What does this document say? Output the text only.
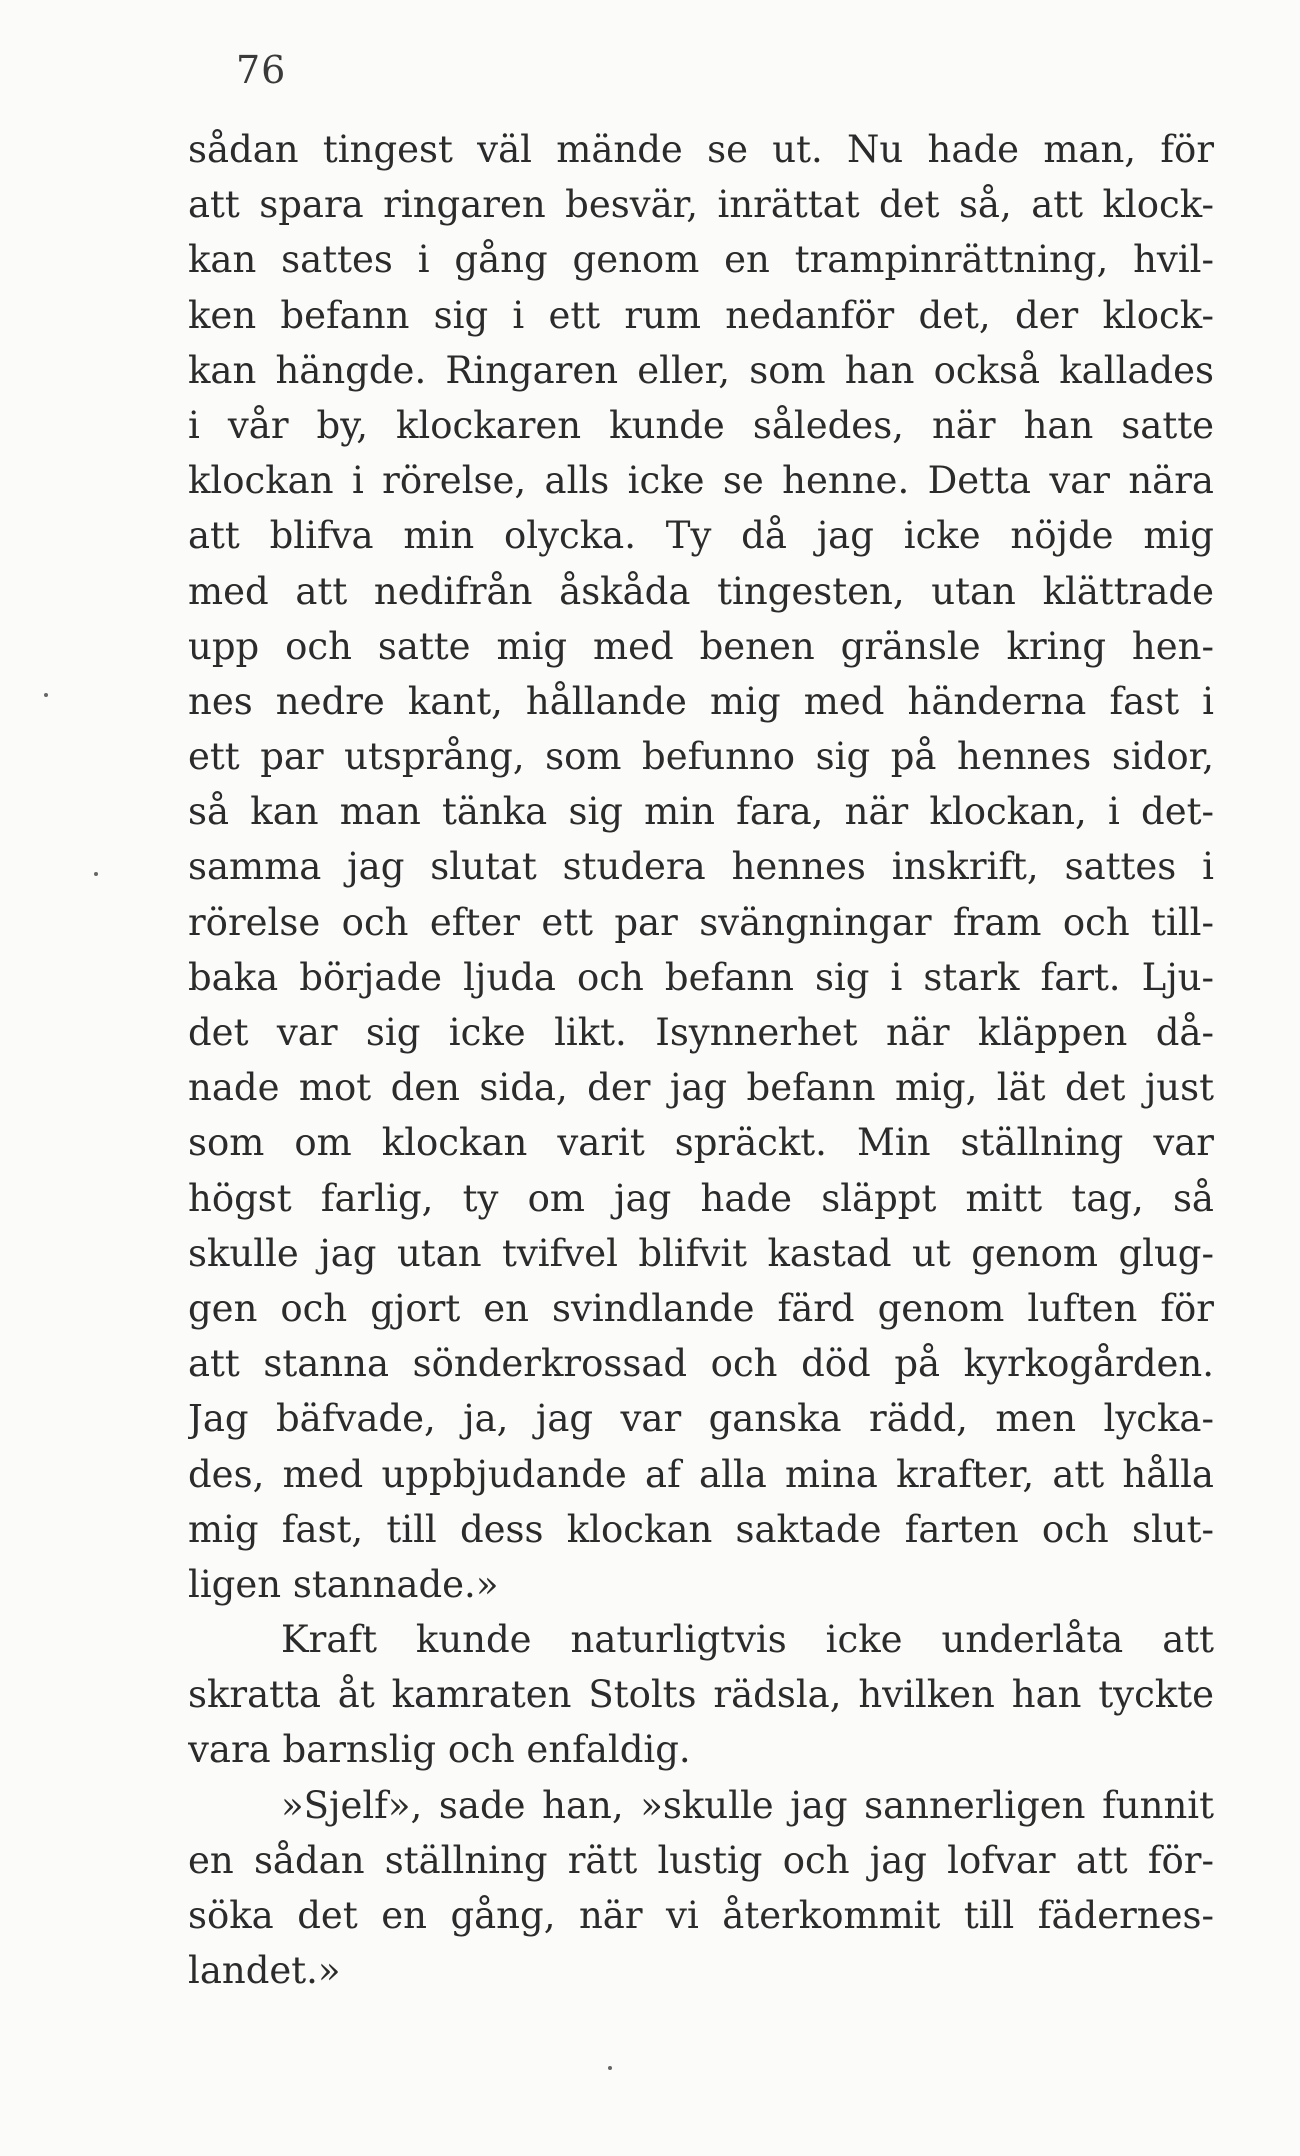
76
sådan tingest väl mände se ut. Nu hade man, för
att spara ringaren besvär, inrättat det så, att klock-
kan sattes i gång genom en trampinrättning, hvil-
ken befann sig i ett rum nedanför det, der klock-
kan hängde. Ringaren eller, som han också kallades
i vår by, klockaren kunde således, när han satte
klockan i rörelse, alls icke se henne. Detta var nära
att blifva min olycka. Ty då jag icke nöjde mig
med att nedifrån åskåda tingesten, utan klättrade
upp och satte mig med benen gränsle kring hen-
nes nedre kant, hållande mig med händerna fast i
ett par utsprång, som befunno sig på hennes sidor,
så kan man tänka sig min fara, när klockan, i det-
samma jag slutat studera hennes inskrift, sattes i
rörelse och efter ett par svängningar fram och till-
baka började ljuda och befann sig i stark fart. Lju-
det var sig icke likt. Isynnerhet när kläppen då-
nade mot den sida, der jag befann mig, lät det just
som om klockan varit spräckt. Min ställning var
högst farlig, ty om jag hade släppt mitt tag, så
skulle jag utan tvifvel blifvit kastad ut genom glug-
gen och gjort en svindlande färd genom luften för
att stanna sönderkrossad och död på kyrkogården.
Jag bäfvade, ja, jag var ganska rädd, men lycka-
des, med uppbjudande af alla mina krafter, att hålla
mig fast, till dess klockan saktade farten och slut-
ligen stannade.»
Kraft kunde naturligtvis icke underlåta att
skratta åt kamraten Stolts rädsla, hvilken han tyckte
vara barnslig och enfaldig.
»Sjelf», sade han, »skulle jag sannerligen funnit
en sådan ställning rätt lustig och jag lofvar att för-
söka det en gång, när vi återkommit till fädernes-
landet.»
